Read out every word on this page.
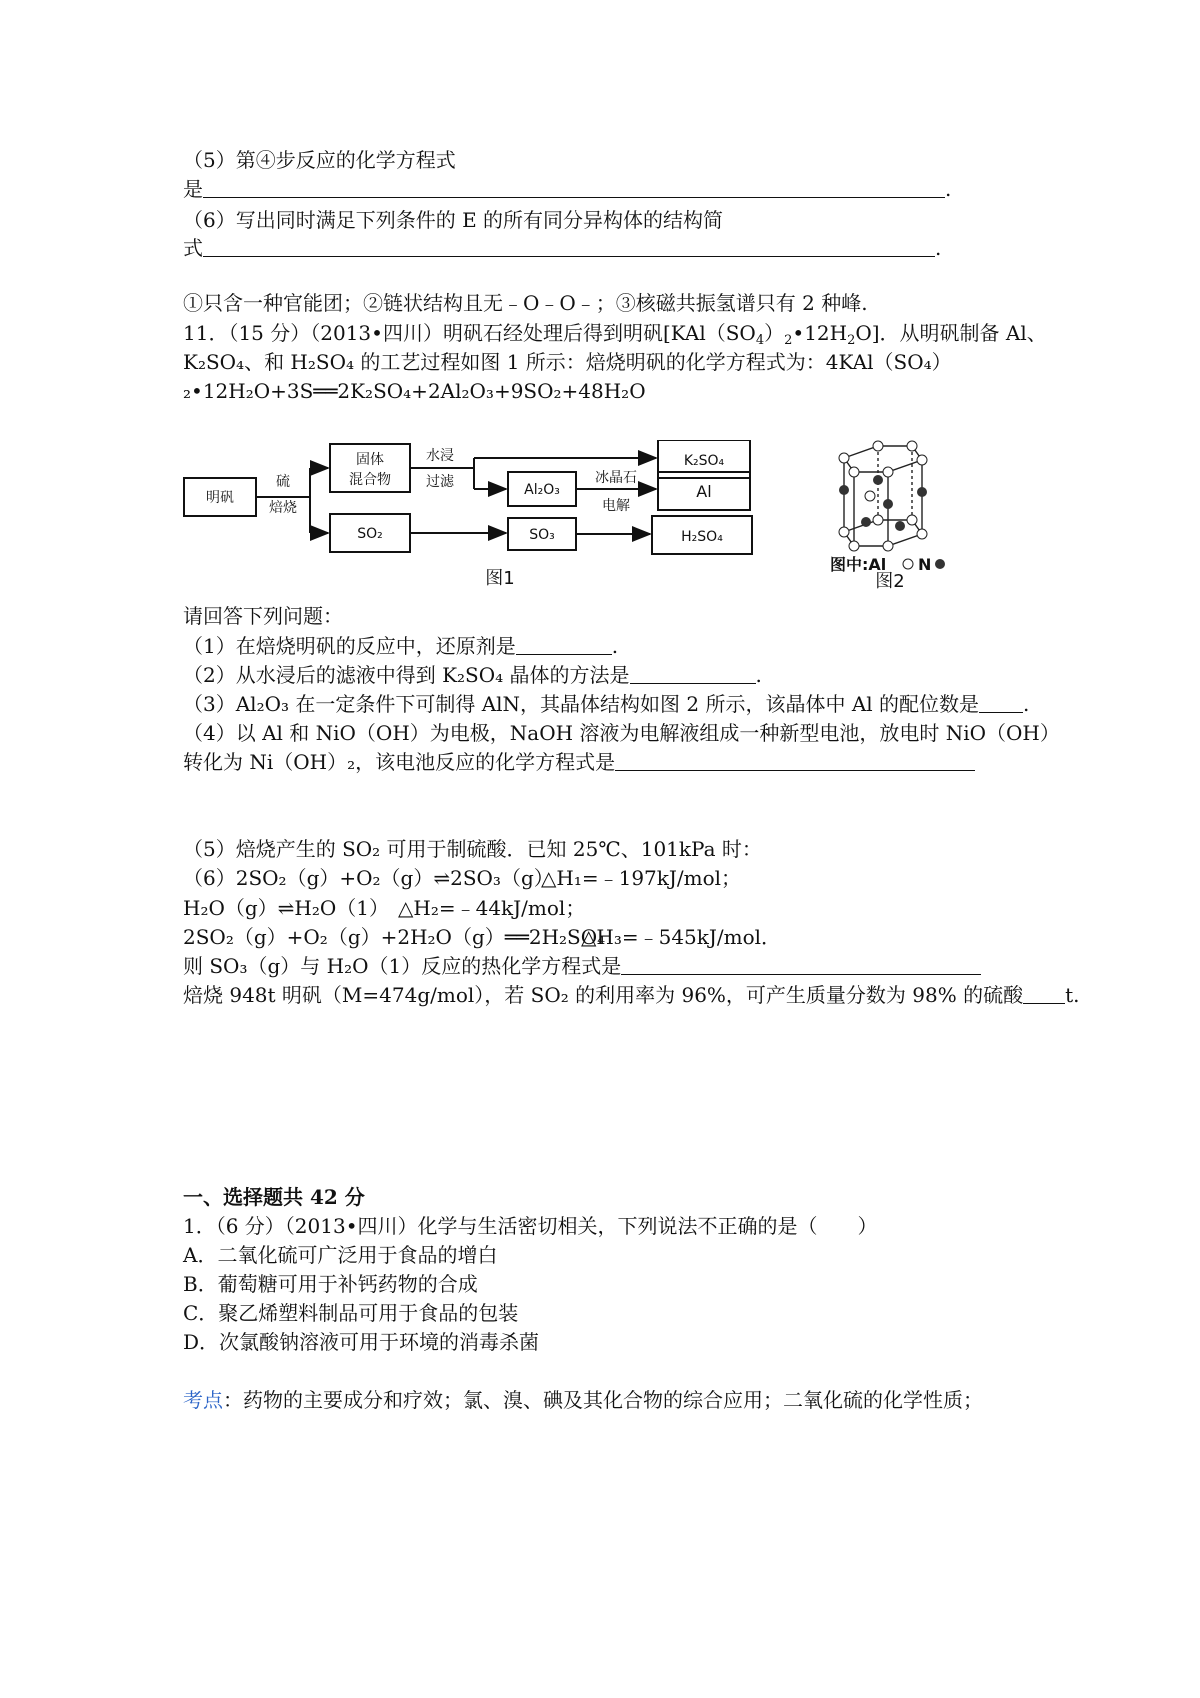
（5）第④步反应的化学方程式
是	.
（6）写出同时满足下列条件的 E 的所有同分异构体的结构简
式	.
①只含一种官能团；②链状结构且无﹣O﹣O﹣；③核磁共振氢谱只有 2 种峰.
11．（15 分）（2013•四川）明矾石经处理后得到明矾$[KAl(SO_4)_2•12H_2O]$．从明矾制备 Al、
K₂SO₄、和 H₂SO₄ 的工艺过程如图 1 所示：焙烧明矾的化学方程式为：4KAl（SO₄）
₂•12H₂O+3S══2K₂SO₄+2Al₂O₃+9SO₂+48H₂O
明矾
硫
焙烧
固体
混合物
水浸
过滤
K₂SO₄
Al₂O₃
冰晶石
电解
Al
SO₂	SO₃	H₂SO₄
图1
图中:Al N
图2
请回答下列问题：
（1）在焙烧明矾的反应中，还原剂是	.
（2）从水浸后的滤液中得到 K₂SO₄ 晶体的方法是	.
（3）Al₂O₃ 在一定条件下可制得 AlN，其晶体结构如图 2 所示，该晶体中 Al 的配位数是 .
（4）以 Al 和 NiO（OH）为电极，NaOH 溶液为电解液组成一种新型电池，放电时 NiO（OH）
转化为 Ni（OH）₂，该电池反应的化学方程式是
（5）焙烧产生的 SO₂ 可用于制硫酸．已知 25℃、101kPa 时：
（6）2SO₂（g）+O₂（g）⇌2SO₃（g）
△H₁=﹣197kJ/mol；
H₂O（g）⇌H₂O（1） △H₂=﹣44kJ/mol；
2SO₂（g）+O₂（g）+2H₂O（g）══2H₂SO₄
△H₃=﹣545kJ/mol．
则 SO₃（g）与 H₂O（1）反应的热化学方程式是
焙烧 948t 明矾（M=474g/mol），若 SO₂ 的利用率为 96%，可产生质量分数为 98% 的硫酸 t.
一、选择题共 42 分
1．（6 分）（2013•四川）化学与生活密切相关，下列说法不正确的是（　　）
A．二氧化硫可广泛用于食品的增白
B．葡萄糖可用于补钙药物的合成
C．聚乙烯塑料制品可用于食品的包装
D．次氯酸钠溶液可用于环境的消毒杀菌
考点：药物的主要成分和疗效；氯、溴、碘及其化合物的综合应用；二氧化硫的化学性质；
